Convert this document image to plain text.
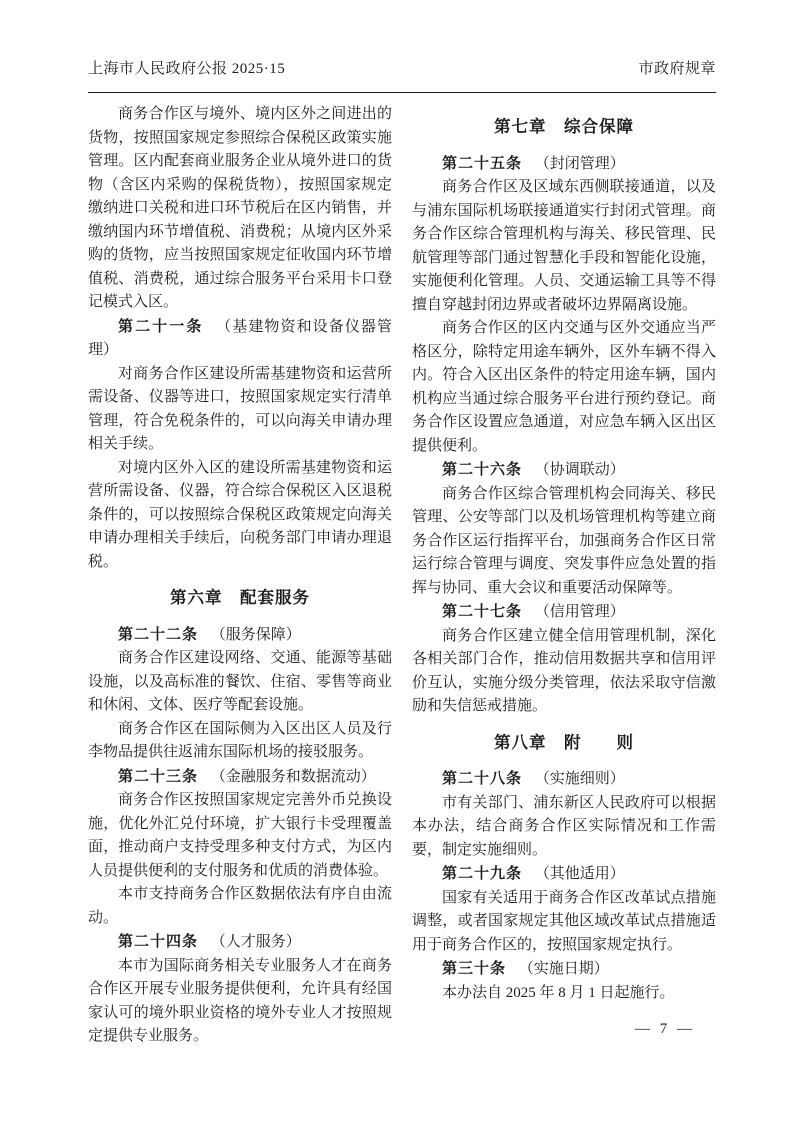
上海市人民政府公报 2025·15	市政府规章

商务合作区与境外、境内区外之间进出的货物，按照国家规定参照综合保税区政策实施管理。区内配套商业服务企业从境外进口的货物（含区内采购的保税货物），按照国家规定缴纳进口关税和进口环节税后在区内销售，并缴纳国内环节增值税、消费税；从境内区外采购的货物，应当按照国家规定征收国内环节增值税、消费税，通过综合服务平台采用卡口登记模式入区。

第二十一条 （基建物资和设备仪器管理）

对商务合作区建设所需基建物资和运营所需设备、仪器等进口，按照国家规定实行清单管理，符合免税条件的，可以向海关申请办理相关手续。

对境内区外入区的建设所需基建物资和运营所需设备、仪器，符合综合保税区入区退税条件的，可以按照综合保税区政策规定向海关申请办理相关手续后，向税务部门申请办理退税。

第六章　配套服务

第二十二条 （服务保障）

商务合作区建设网络、交通、能源等基础设施，以及高标准的餐饮、住宿、零售等商业和休闲、文体、医疗等配套设施。

商务合作区在国际侧为入区出区人员及行李物品提供往返浦东国际机场的接驳服务。

第二十三条 （金融服务和数据流动）

商务合作区按照国家规定完善外币兑换设施，优化外汇兑付环境，扩大银行卡受理覆盖面，推动商户支持受理多种支付方式，为区内人员提供便利的支付服务和优质的消费体验。

本市支持商务合作区数据依法有序自由流动。

第二十四条 （人才服务）

本市为国际商务相关专业服务人才在商务合作区开展专业服务提供便利，允许具有经国家认可的境外职业资格的境外专业人才按照规定提供专业服务。

第七章　综合保障

第二十五条 （封闭管理）

商务合作区及区域东西侧联接通道，以及与浦东国际机场联接通道实行封闭式管理。商务合作区综合管理机构与海关、移民管理、民航管理等部门通过智慧化手段和智能化设施，实施便利化管理。人员、交通运输工具等不得擅自穿越封闭边界或者破坏边界隔离设施。

商务合作区的区内交通与区外交通应当严格区分，除特定用途车辆外，区外车辆不得入内。符合入区出区条件的特定用途车辆，国内机构应当通过综合服务平台进行预约登记。商务合作区设置应急通道，对应急车辆入区出区提供便利。

第二十六条 （协调联动）

商务合作区综合管理机构会同海关、移民管理、公安等部门以及机场管理机构等建立商务合作区运行指挥平台，加强商务合作区日常运行综合管理与调度、突发事件应急处置的指挥与协同、重大会议和重要活动保障等。

第二十七条 （信用管理）

商务合作区建立健全信用管理机制，深化各相关部门合作，推动信用数据共享和信用评价互认，实施分级分类管理，依法采取守信激励和失信惩戒措施。

第八章　附　　则

第二十八条 （实施细则）

市有关部门、浦东新区人民政府可以根据本办法，结合商务合作区实际情况和工作需要，制定实施细则。

第二十九条 （其他适用）

国家有关适用于商务合作区改革试点措施调整，或者国家规定其他区域改革试点措施适用于商务合作区的，按照国家规定执行。

第三十条 （实施日期）

本办法自 2025 年 8 月 1 日起施行。

— 7 —
